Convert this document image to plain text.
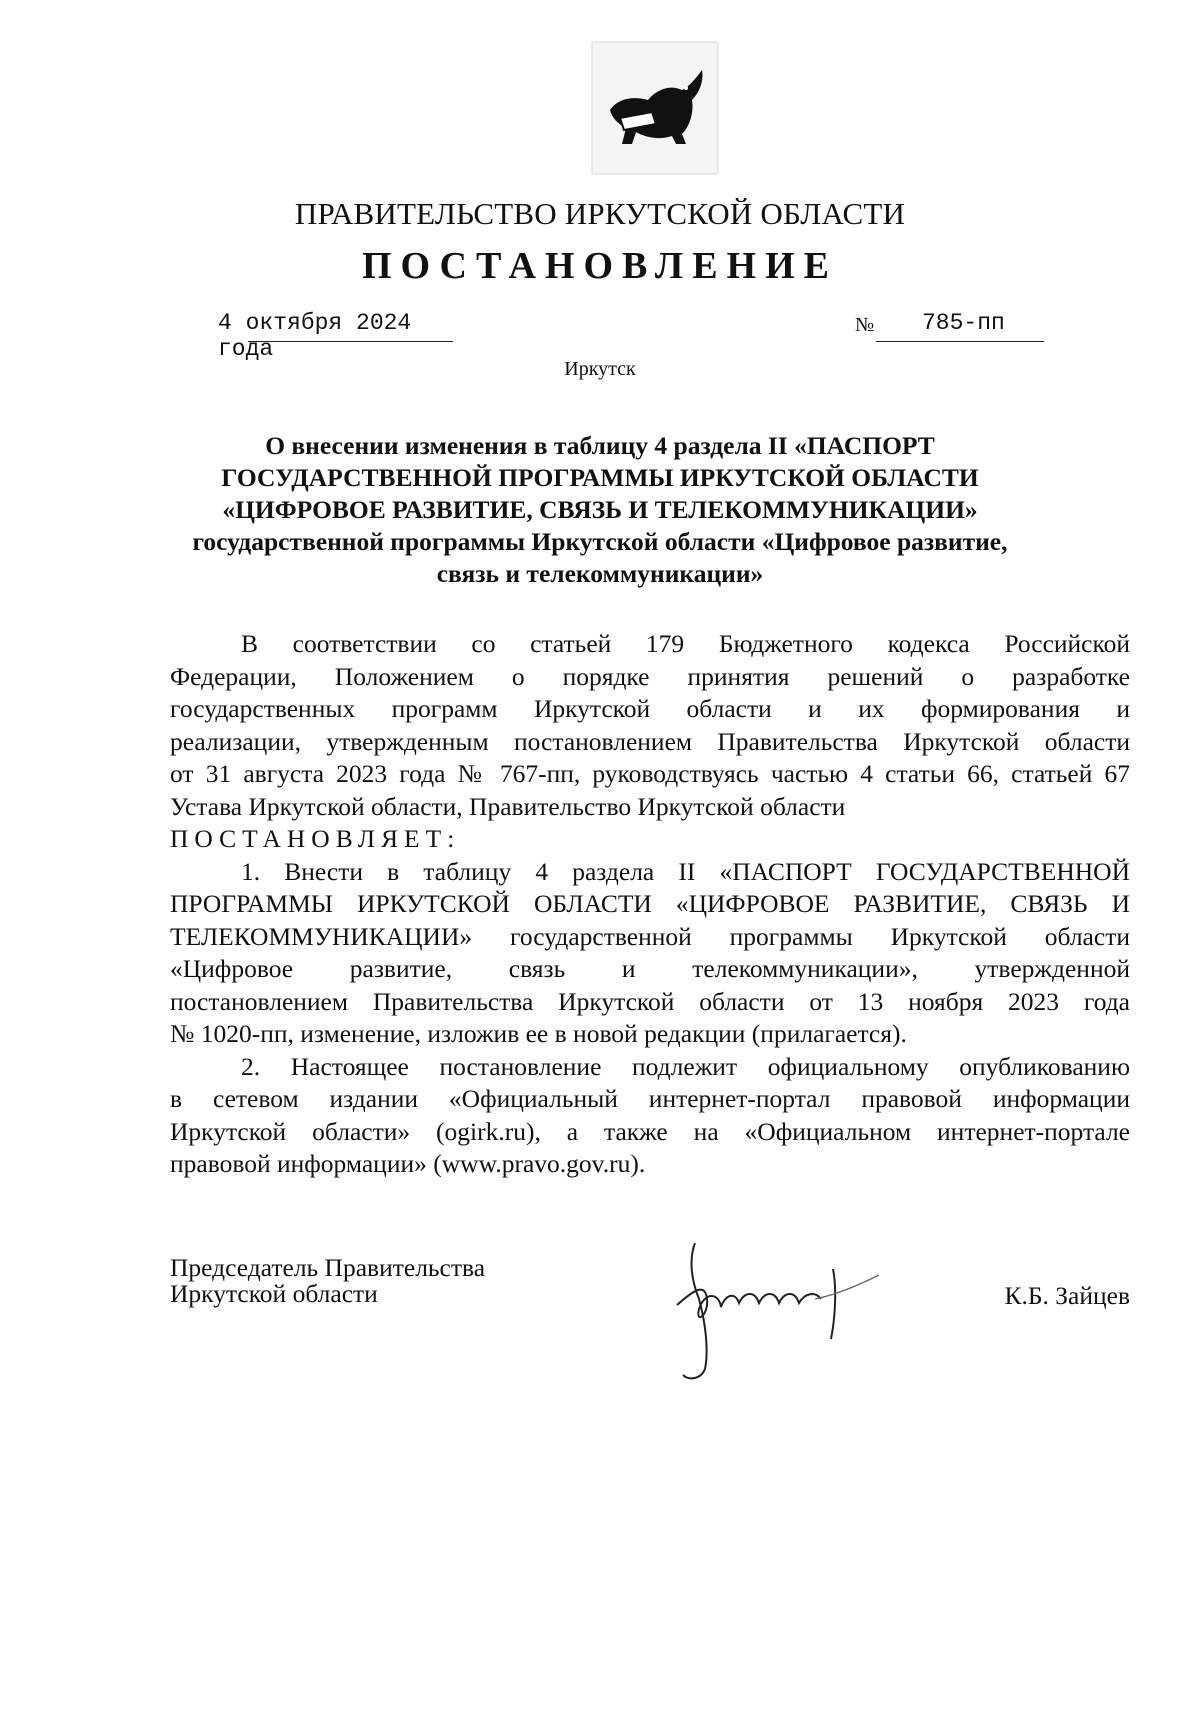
ПРАВИТЕЛЬСТВО ИРКУТСКОЙ ОБЛАСТИ
ПОСТАНОВЛЕНИЕ
4 октября 2024 года
№ 785-пп
Иркутск
О внесении изменения в таблицу 4 раздела II «ПАСПОРТ
ГОСУДАРСТВЕННОЙ ПРОГРАММЫ ИРКУТСКОЙ ОБЛАСТИ
«ЦИФРОВОЕ РАЗВИТИЕ, СВЯЗЬ И ТЕЛЕКОММУНИКАЦИИ»
государственной программы Иркутской области «Цифровое развитие,
связь и телекоммуникации»

В соответствии со статьей 179 Бюджетного кодекса Российской

Федерации, Положением о порядке принятия решений о разработке
государственных программ Иркутской области и их формирования и
реализации, утвержденным постановлением Правительства Иркутской области
от 31 августа 2023 года № 767-пп, руководствуясь частью 4 статьи 66, статьей 67
Устава Иркутской области, Правительство Иркутской области
ПОСТАНОВЛЯЕТ:

1. Внести в таблицу 4 раздела II «ПАСПОРТ ГОСУДАРСТВЕННОЙ

ПРОГРАММЫ ИРКУТСКОЙ ОБЛАСТИ «ЦИФРОВОЕ РАЗВИТИЕ, СВЯЗЬ И
ТЕЛЕКОММУНИКАЦИИ» государственной программы Иркутской области
«Цифровое развитие, связь и телекоммуникации», утвержденной
постановлением Правительства Иркутской области от 13 ноября 2023 года
№ 1020-пп, изменение, изложив ее в новой редакции (прилагается).

2. Настоящее постановление подлежит официальному опубликованию

в сетевом издании «Официальный интернет-портал правовой информации
Иркутской области» (ogirk.ru), а также на «Официальном интернет-портале
правовой информации» (www.pravo.gov.ru).

Председатель Правительства
Иркутской области	К.Б. Зайцев
